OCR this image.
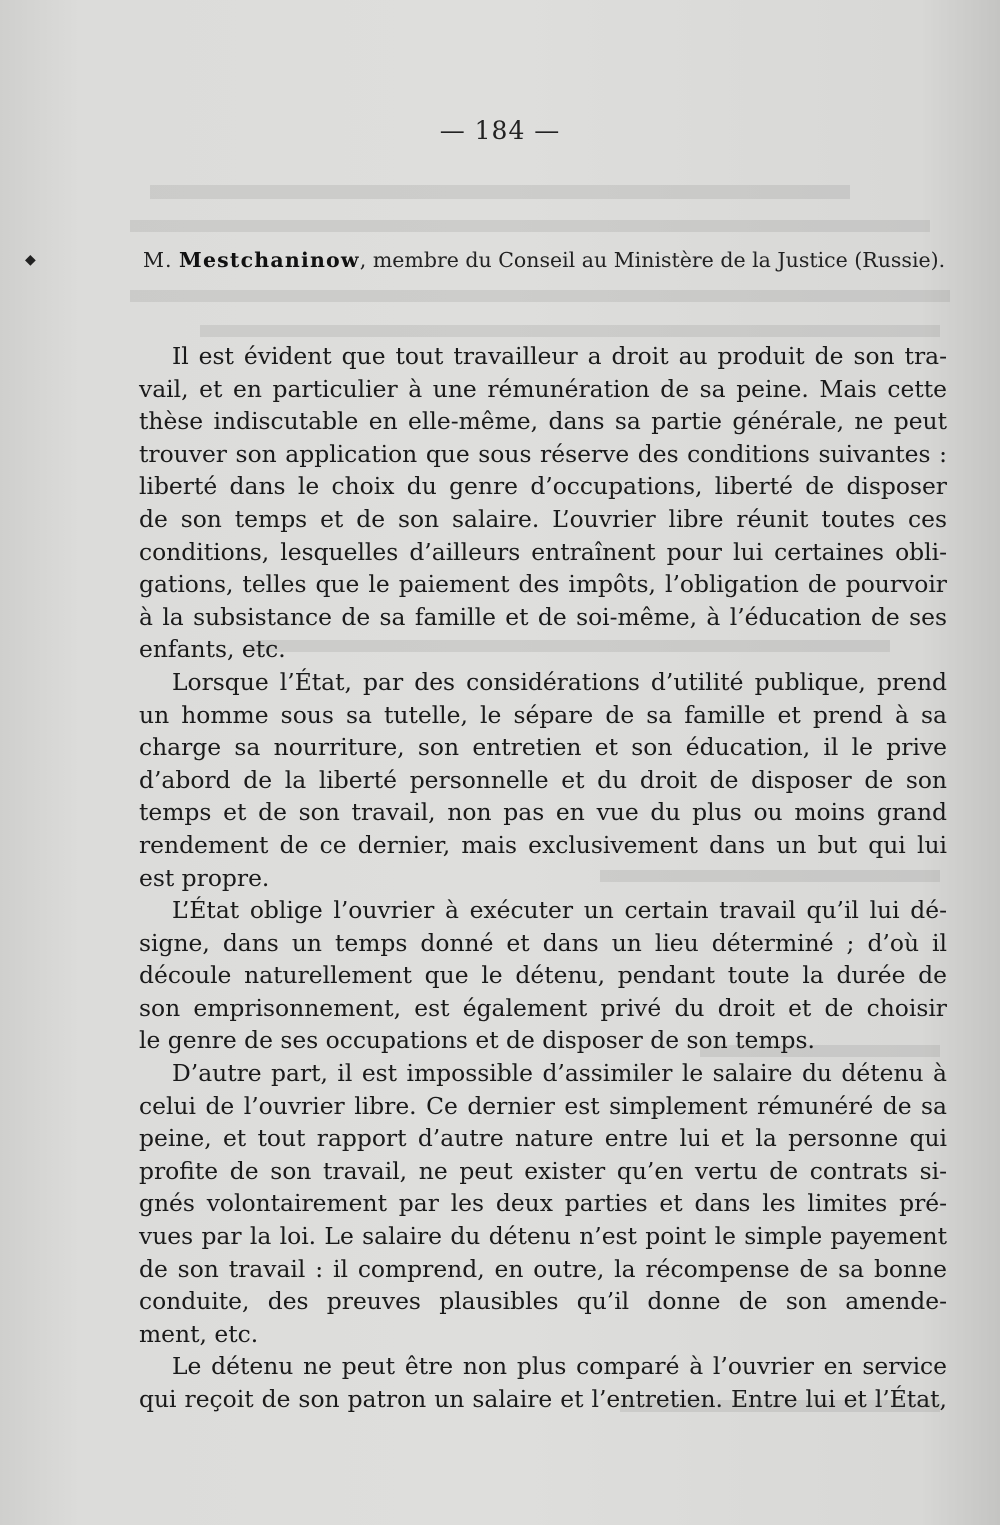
— 184 —
◆	M. Mestchaninow, membre du Conseil au Ministère de la Justice (Russie).

Il est évident que tout travailleur a droit au produit de son tra-
vail, et en particulier à une rémunération de sa peine. Mais cette
thèse indiscutable en elle-même, dans sa partie générale, ne peut
trouver son application que sous réserve des conditions suivantes :
liberté dans le choix du genre d’occupations, liberté de disposer
de son temps et de son salaire. L’ouvrier libre réunit toutes ces
conditions, lesquelles d’ailleurs entraînent pour lui certaines obli-
gations, telles que le paiement des impôts, l’obligation de pourvoir
à la subsistance de sa famille et de soi-même, à l’éducation de ses
enfants, etc.

Lorsque l’État, par des considérations d’utilité publique, prend
un homme sous sa tutelle, le sépare de sa famille et prend à sa
charge sa nourriture, son entretien et son éducation, il le prive
d’abord de la liberté personnelle et du droit de disposer de son
temps et de son travail, non pas en vue du plus ou moins grand
rendement de ce dernier, mais exclusivement dans un but qui lui
est propre.

L’État oblige l’ouvrier à exécuter un certain travail qu’il lui dé-
signe, dans un temps donné et dans un lieu déterminé ; d’où il
découle naturellement que le détenu, pendant toute la durée de
son emprisonnement, est également privé du droit et de choisir
le genre de ses occupations et de disposer de son temps.

D’autre part, il est impossible d’assimiler le salaire du détenu à
celui de l’ouvrier libre. Ce dernier est simplement rémunéré de sa
peine, et tout rapport d’autre nature entre lui et la personne qui
profite de son travail, ne peut exister qu’en vertu de contrats si-
gnés volontairement par les deux parties et dans les limites pré-
vues par la loi. Le salaire du détenu n’est point le simple payement
de son travail : il comprend, en outre, la récompense de sa bonne
conduite, des preuves plausibles qu’il donne de son amende-
ment, etc.

Le détenu ne peut être non plus comparé à l’ouvrier en service
qui reçoit de son patron un salaire et l’entretien. Entre lui et l’État,
